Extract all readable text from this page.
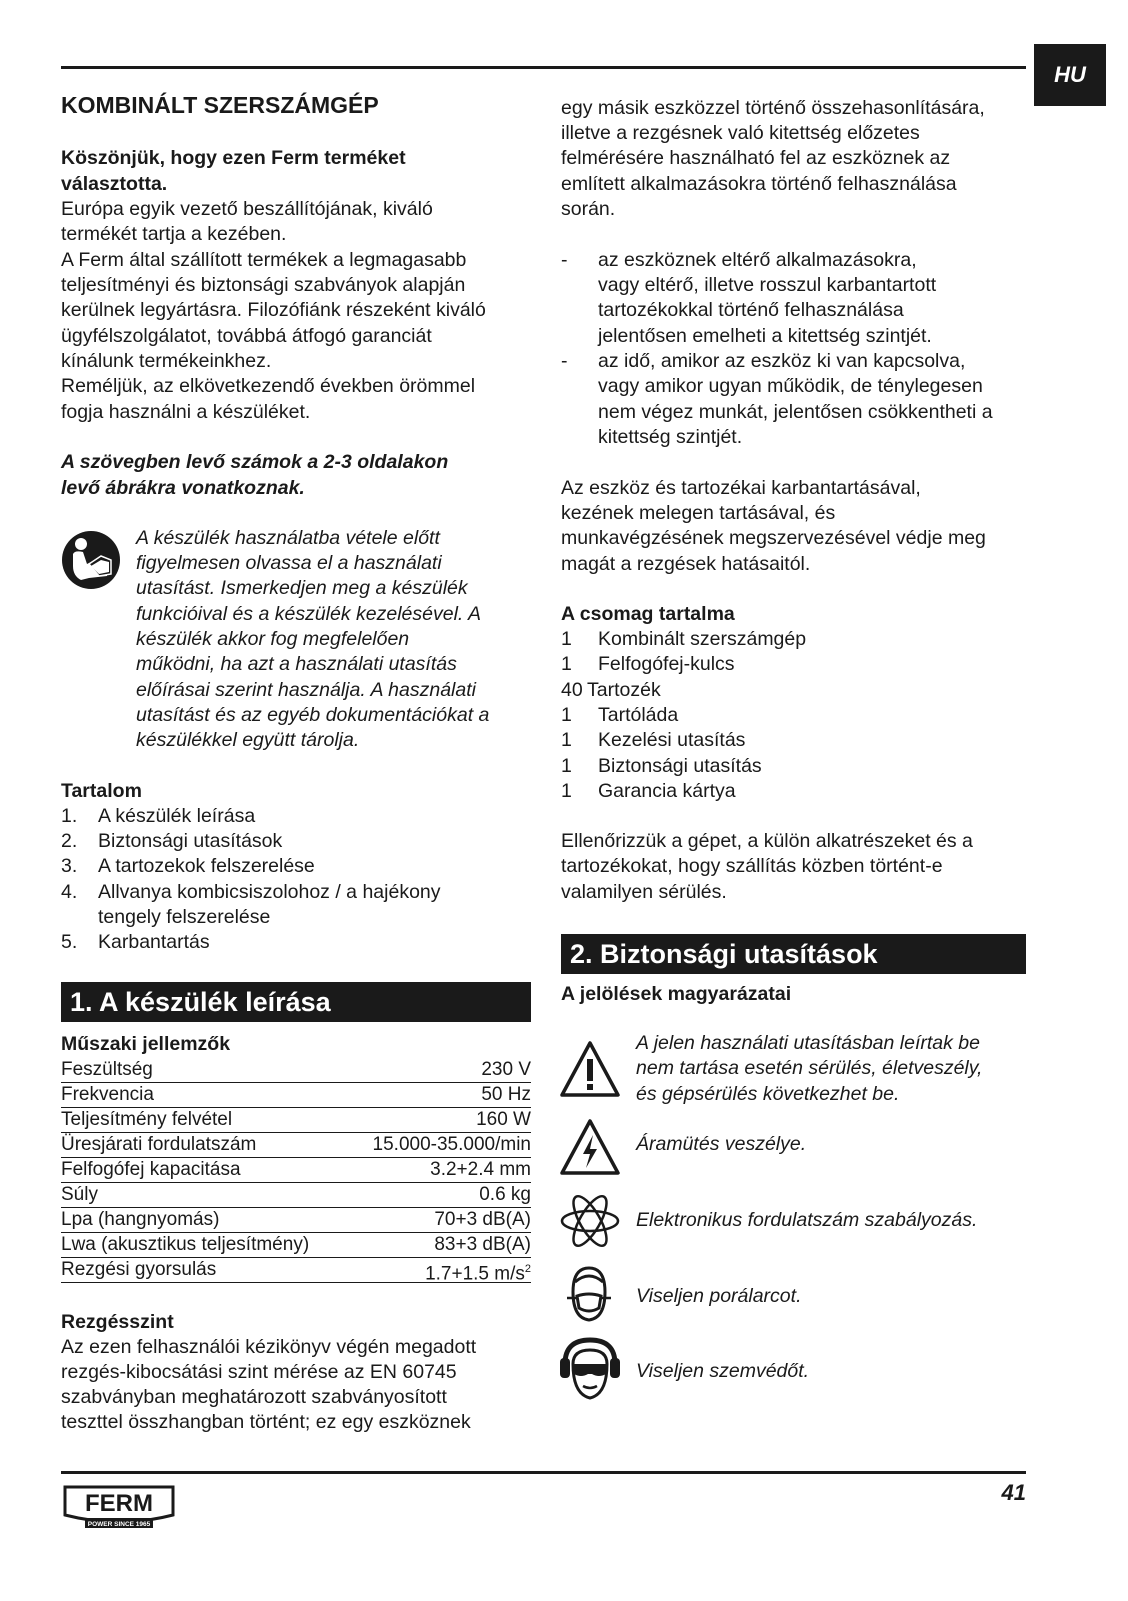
HU
KOMBINÁLT SZERSZÁMGÉP
Köszönjük, hogy ezen Ferm terméket
választotta.
Európa egyik vezető beszállítójának, kiváló
termékét tartja a kezében.
A Ferm által szállított termékek a legmagasabb
teljesítményi és biztonsági szabványok alapján
kerülnek legyártásra. Filozófiánk részeként kiváló
ügyfélszolgálatot, továbbá átfogó garanciát
kínálunk termékeinkhez.
Reméljük, az elkövetkezendő években örömmel
fogja használni a készüléket.
A szövegben levő számok a 2-3 oldalakon
levő ábrákra vonatkoznak.
A készülék használatba vétele előtt
figyelmesen olvassa el a használati
utasítást. Ismerkedjen meg a készülék
funkcióival és a készülék kezelésével. A
készülék akkor fog megfelelően
működni, ha azt a használati utasítás
előírásai szerint használja. A használati
utasítást és az egyéb dokumentációkat a
készülékkel együtt tárolja.
Tartalom
1. A készülék leírása
2. Biztonsági utasítások
3. A tartozekok felszerelése
4. Allvanya kombicsiszolohoz / a hajékony
tengely felszerelése
5. Karbantartás
1. A készülék leírása
Műszaki jellemzők
Feszültség	230 V
Frekvencia	50 Hz
Teljesítmény felvétel	160 W
Üresjárati fordulatszám	15.000-35.000/min
Felfogófej kapacitása	3.2+2.4 mm
Súly	0.6 kg
Lpa (hangnyomás)	70+3 dB(A)
Lwa (akusztikus teljesítmény)	83+3 dB(A)
Rezgési gyorsulás	1.7+1.5 $m/s^2$
Rezgésszint
Az ezen felhasználói kézikönyv végén megadott
rezgés-kibocsátási szint mérése az EN 60745
szabványban meghatározott szabványosított
teszttel összhangban történt; ez egy eszköznek
egy másik eszközzel történő összehasonlítására,
illetve a rezgésnek való kitettség előzetes
felmérésére használható fel az eszköznek az
említett alkalmazásokra történő felhasználása
során.
- az eszköznek eltérő alkalmazásokra,
vagy eltérő, illetve rosszul karbantartott
tartozékokkal történő felhasználása
jelentősen emelheti a kitettség szintjét.
- az idő, amikor az eszköz ki van kapcsolva,
vagy amikor ugyan működik, de ténylegesen
nem végez munkát, jelentősen csökkentheti a
kitettség szintjét.
Az eszköz és tartozékai karbantartásával,
kezének melegen tartásával, és
munkavégzésének megszervezésével védje meg
magát a rezgések hatásaitól.
A csomag tartalma
1 Kombinált szerszámgép
1 Felfogófej-kulcs
40 Tartozék
1 Tartóláda
1 Kezelési utasítás
1 Biztonsági utasítás
1 Garancia kártya
Ellenőrizzük a gépet, a külön alkatrészeket és a
tartozékokat, hogy szállítás közben történt-e
valamilyen sérülés.
2. Biztonsági utasítások
A jelölések magyarázatai
A jelen használati utasításban leírtak be
nem tartása esetén sérülés, életveszély,
és gépsérülés következhet be.
Áramütés veszélye.
Elektronikus fordulatszám szabályozás.
Viseljen porálarcot.
Viseljen szemvédőt.
FERM
POWER SINCE 1965
41
